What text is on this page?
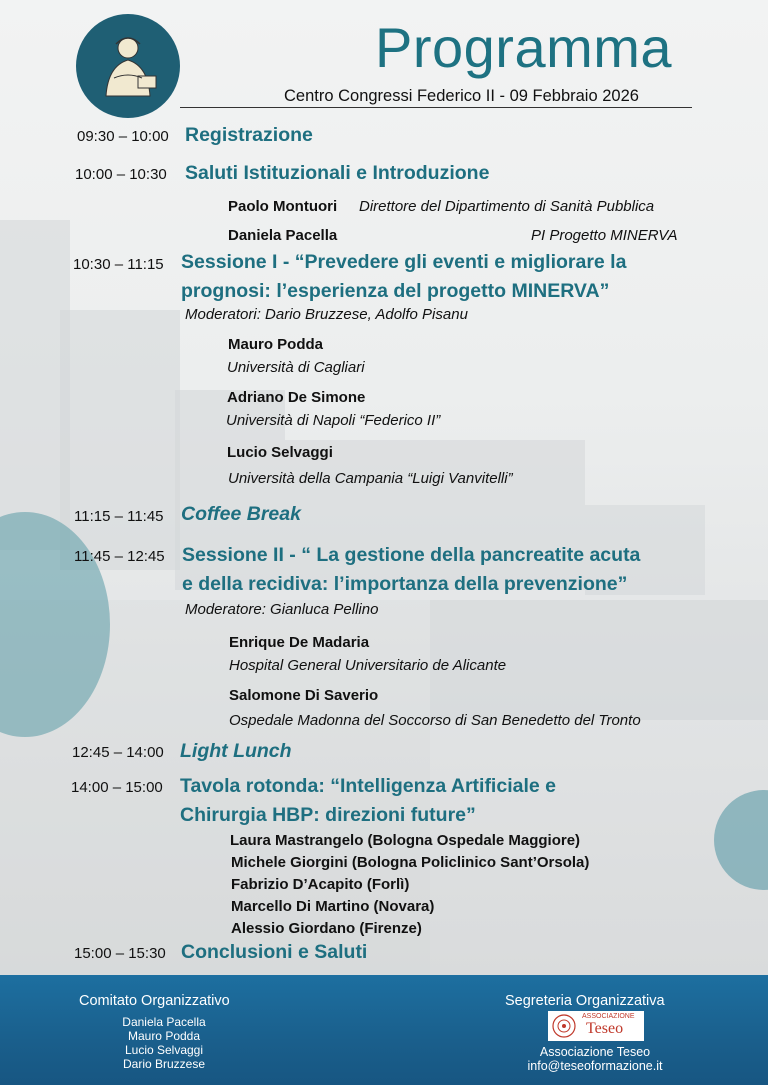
Programma
Centro Congressi Federico II - 09 Febbraio 2026
09:30 – 10:00 Registrazione
10:00 – 10:30 Saluti Istituzionali e Introduzione
Paolo Montuori Direttore del Dipartimento di Sanità Pubblica
Daniela Pacella	PI Progetto MINERVA
10:30 – 11:15 Sessione I - “Prevedere gli eventi e migliorare la
prognosi: l’esperienza del progetto MINERVA”
Moderatori: Dario Bruzzese, Adolfo Pisanu
Mauro Podda
Università di Cagliari
Adriano De Simone
Università di Napoli “Federico II”
Lucio Selvaggi
Università della Campania “Luigi Vanvitelli”
11:15 – 11:45 Coffee Break
11:45 – 12:45 Sessione II - “ La gestione della pancreatite acuta
e della recidiva: l’importanza della prevenzione”
Moderatore: Gianluca Pellino
Enrique De Madaria
Hospital General Universitario de Alicante
Salomone Di Saverio
Ospedale Madonna del Soccorso di San Benedetto del Tronto
12:45 – 14:00 Light Lunch
14:00 – 15:00 Tavola rotonda: “Intelligenza Artificiale e
Chirurgia HBP: direzioni future”
Laura Mastrangelo (Bologna Ospedale Maggiore)
Michele Giorgini (Bologna Policlinico Sant’Orsola)
Fabrizio D’Acapito (Forlì)
Marcello Di Martino (Novara)
Alessio Giordano (Firenze)
15:00 – 15:30 Conclusioni e Saluti
Comitato Organizzativo
Daniela Pacella
Mauro Podda
Lucio Selvaggi
Dario Bruzzese
Segreteria Organizzativa
ASSOCIAZIONE
Teseo
Associazione Teseo
info@teseoformazione.it
